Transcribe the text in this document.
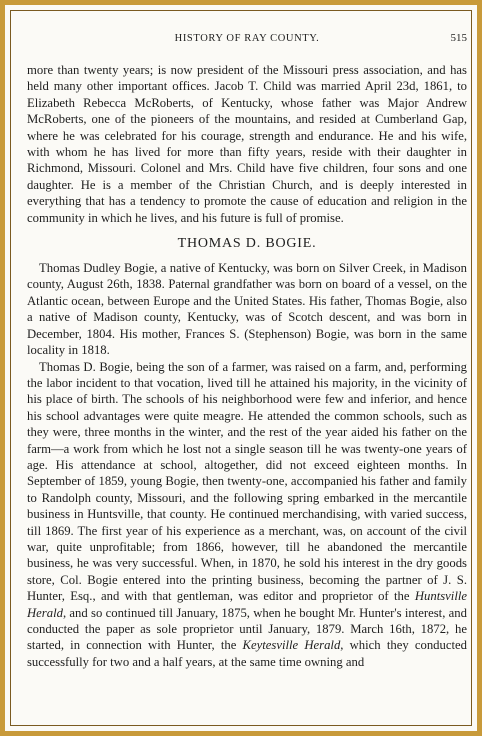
HISTORY OF RAY COUNTY.	515

more than twenty years; is now president of the Missouri press association, and has held many other important offices. Jacob T. Child was married April 23d, 1861, to Elizabeth Rebecca McRoberts, of Kentucky, whose father was Major Andrew McRoberts, one of the pioneers of the mountains, and resided at Cumberland Gap, where he was celebrated for his courage, strength and endurance. He and his wife, with whom he has lived for more than fifty years, reside with their daughter in Richmond, Missouri. Colonel and Mrs. Child have five children, four sons and one daughter. He is a member of the Christian Church, and is deeply interested in everything that has a tendency to promote the cause of education and religion in the community in which he lives, and his future is full of promise.

THOMAS D. BOGIE.

Thomas Dudley Bogie, a native of Kentucky, was born on Silver Creek, in Madison county, August 26th, 1838. Paternal grandfather was born on board of a vessel, on the Atlantic ocean, between Europe and the United States. His father, Thomas Bogie, also a native of Madison county, Kentucky, was of Scotch descent, and was born in December, 1804. His mother, Frances S. (Stephenson) Bogie, was born in the same locality in 1818.

Thomas D. Bogie, being the son of a farmer, was raised on a farm, and, performing the labor incident to that vocation, lived till he attained his majority, in the vicinity of his place of birth. The schools of his neighborhood were few and inferior, and hence his school advantages were quite meagre. He attended the common schools, such as they were, three months in the winter, and the rest of the year aided his father on the farm—a work from which he lost not a single season till he was twenty-one years of age. His attendance at school, altogether, did not exceed eighteen months. In September of 1859, young Bogie, then twenty-one, accompanied his father and family to Randolph county, Missouri, and the following spring embarked in the mercantile business in Huntsville, that county. He continued merchandising, with varied success, till 1869. The first year of his experience as a merchant, was, on account of the civil war, quite unprofitable; from 1866, however, till he abandoned the mercantile business, he was very successful. When, in 1870, he sold his interest in the dry goods store, Col. Bogie entered into the printing business, becoming the partner of J. S. Hunter, Esq., and with that gentleman, was editor and proprietor of the Huntsville Herald, and so continued till January, 1875, when he bought Mr. Hunter's interest, and conducted the paper as sole proprietor until January, 1879. March 16th, 1872, he started, in connection with Hunter, the Keytesville Herald, which they conducted successfully for two and a half years, at the same time owning and
